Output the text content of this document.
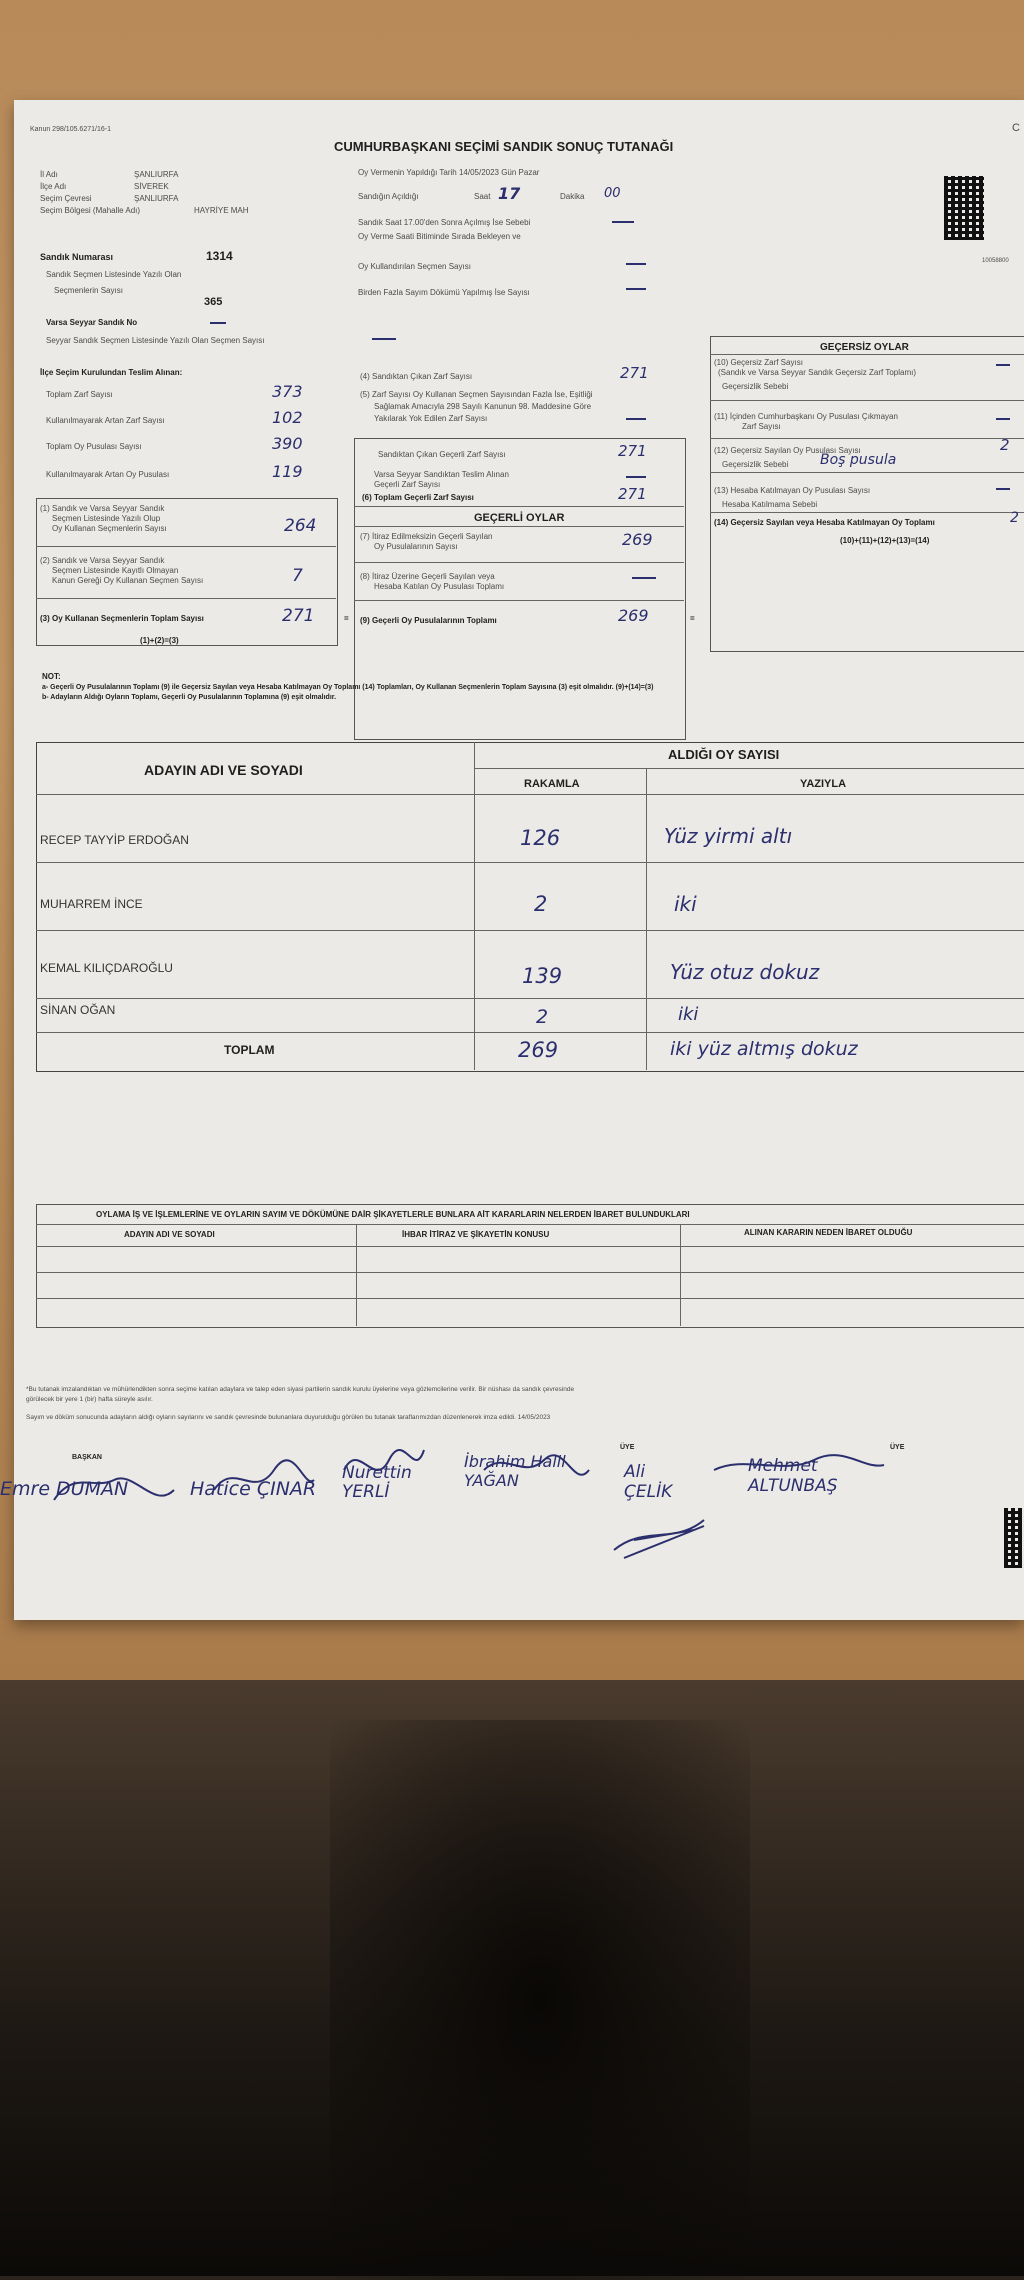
Kanun 298/105.6271/16-1
CUMHURBAŞKANI SEÇİMİ SANDIK SONUÇ TUTANAĞI
C
10058800
İl Adı	ŞANLIURFA
İlçe Adı	SİVEREK
Seçim Çevresi	ŞANLIURFA
Seçim Bölgesi (Mahalle Adı)	HAYRİYE MAH
Oy Vermenin Yapıldığı Tarih 14/05/2023 Gün Pazar
Sandığın Açıldığı	Saat 17	Dakika 00
Sandık Saat 17.00'den Sonra Açılmış İse Sebebi
Oy Verme Saati Bitiminde Sırada Bekleyen ve
Oy Kullandırılan Seçmen Sayısı
Birden Fazla Sayım Dökümü Yapılmış İse Sayısı
Sandık Numarası	1314
Sandık Seçmen Listesinde Yazılı Olan
Seçmenlerin Sayısı
365
Varsa Seyyar Sandık No
Seyyar Sandık Seçmen Listesinde Yazılı Olan Seçmen Sayısı
İlçe Seçim Kurulundan Teslim Alınan:
Toplam Zarf Sayısı	373
Kullanılmayarak Artan Zarf Sayısı	102
Toplam Oy Pusulası Sayısı	390
Kullanılmayarak Artan Oy Pusulası	119
(1) Sandık ve Varsa Seyyar Sandık
Seçmen Listesinde Yazılı Olup
Oy Kullanan Seçmenlerin Sayısı	264
(2) Sandık ve Varsa Seyyar Sandık
Seçmen Listesinde Kayıtlı Olmayan
Kanun Gereği Oy Kullanan Seçmen Sayısı	7
(3) Oy Kullanan Seçmenlerin Toplam Sayısı	271
(1)+(2)=(3)
(4) Sandıktan Çıkan Zarf Sayısı	271
(5) Zarf Sayısı Oy Kullanan Seçmen Sayısından Fazla İse, Eşitliği
Sağlamak Amacıyla 298 Sayılı Kanunun 98. Maddesine Göre
Yakılarak Yok Edilen Zarf Sayısı
Sandıktan Çıkan Geçerli Zarf Sayısı	271
Varsa Seyyar Sandıktan Teslim Alınan
Geçerli Zarf Sayısı
(6) Toplam Geçerli Zarf Sayısı	271
GEÇERLİ OYLAR
(7) İtiraz Edilmeksizin Geçerli Sayılan
Oy Pusulalarının Sayısı	269
(8) İtiraz Üzerine Geçerli Sayılan veya
Hesaba Katılan Oy Pusulası Toplamı
(9) Geçerli Oy Pusulalarının Toplamı	269
=	=
GEÇERSİZ OYLAR
(10) Geçersiz Zarf Sayısı
(Sandık ve Varsa Seyyar Sandık Geçersiz Zarf Toplamı)
Geçersizlik Sebebi
(11) İçinden Cumhurbaşkanı Oy Pusulası Çıkmayan
Zarf Sayısı
(12) Geçersiz Sayılan Oy Pusulası Sayısı	2
Geçersizlik Sebebi Boş pusula
(13) Hesaba Katılmayan Oy Pusulası Sayısı
Hesaba Katılmama Sebebi
(14) Geçersiz Sayılan veya Hesaba Katılmayan Oy Toplamı	2
(10)+(11)+(12)+(13)=(14)
NOT:
a- Geçerli Oy Pusulalarının Toplamı (9) ile Geçersiz Sayılan veya Hesaba Katılmayan Oy Toplamı (14) Toplamları, Oy Kullanan Seçmenlerin Toplam Sayısına (3) eşit olmalıdır. (9)+(14)=(3)
b- Adayların Aldığı Oyların Toplamı, Geçerli Oy Pusulalarının Toplamına (9) eşit olmalıdır.
ADAYIN ADI VE SOYADI
ALDIĞI OY SAYISI
RAKAMLA	YAZIYLA
RECEP TAYYİP ERDOĞAN	126	Yüz yirmi altı
MUHARREM İNCE	2	iki
KEMAL KILIÇDAROĞLU	139	Yüz otuz dokuz
SİNAN OĞAN	2	iki
TOPLAM	269	iki yüz altmış dokuz
OYLAMA İŞ VE İŞLEMLERİNE VE OYLARIN SAYIM VE DÖKÜMÜNE DAİR ŞİKAYETLERLE BUNLARA AİT KARARLARIN NELERDEN İBARET BULUNDUKLARI
ADAYIN ADI VE SOYADI	İHBAR İTİRAZ VE ŞİKAYETİN KONUSU	ALINAN KARARIN NEDEN İBARET OLDUĞU
*Bu tutanak imzalandıktan ve mühürlendikten sonra seçime katılan adaylara ve talep eden siyasi partilerin sandık kurulu üyelerine veya gözlemcilerine verilir. Bir nüshası da sandık çevresinde
görülecek bir yere 1 (bir) hafta süreyle asılır.
Sayım ve döküm sonucunda adayların aldığı oyların sayılarını ve sandık çevresinde bulunanlara duyurulduğu görülen bu tutanak taraflarımızdan düzenlenerek imza edildi. 14/05/2023
BAŞKAN
ÜYE	ÜYE
Emre DUMAN	Hatice ÇINAR
Nurettin YERLİ
İbrahim Halil YAĞAN	Ali ÇELİK
Mehmet ALTUNBAŞ
